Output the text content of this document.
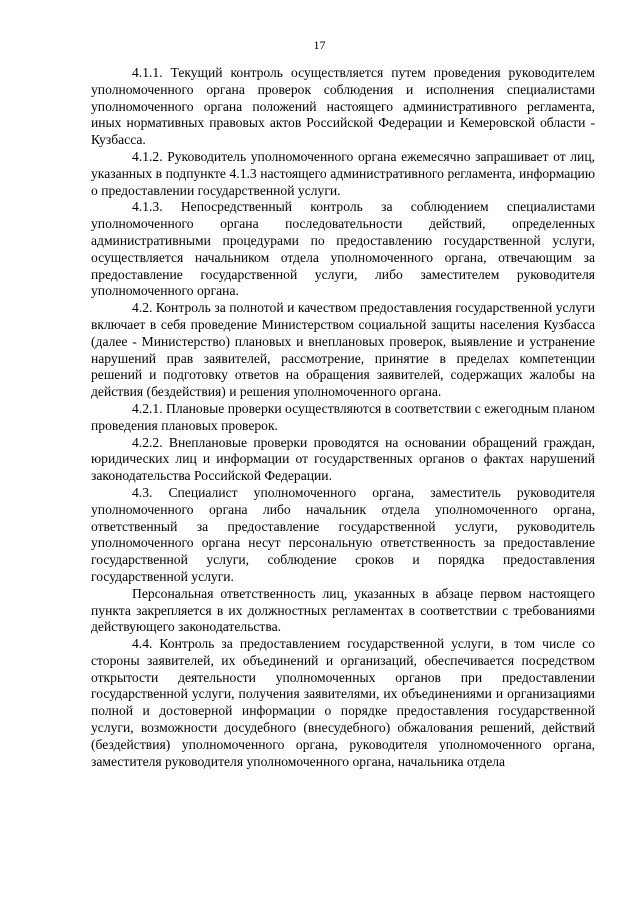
17

4.1.1. Текущий контроль осуществляется путем проведения руководителем уполномоченного органа проверок соблюдения и исполнения специалистами уполномоченного органа положений настоящего административного регламента, иных нормативных правовых актов Российской Федерации и Кемеровской области - Кузбасса.

4.1.2. Руководитель уполномоченного органа ежемесячно запрашивает от лиц, указанных в подпункте 4.1.3 настоящего административного регламента, информацию о предоставлении государственной услуги.

4.1.3. Непосредственный контроль за соблюдением специалистами уполномоченного органа последовательности действий, определенных административными процедурами по предоставлению государственной услуги, осуществляется начальником отдела уполномоченного органа, отвечающим за предоставление государственной услуги, либо заместителем руководителя уполномоченного органа.

4.2. Контроль за полнотой и качеством предоставления государственной услуги включает в себя проведение Министерством социальной защиты населения Кузбасса (далее - Министерство) плановых и внеплановых проверок, выявление и устранение нарушений прав заявителей, рассмотрение, принятие в пределах компетенции решений и подготовку ответов на обращения заявителей, содержащих жалобы на действия (бездействия) и решения уполномоченного органа.

4.2.1. Плановые проверки осуществляются в соответствии с ежегодным планом проведения плановых проверок.

4.2.2. Внеплановые проверки проводятся на основании обращений граждан, юридических лиц и информации от государственных органов о фактах нарушений законодательства Российской Федерации.

4.3. Специалист уполномоченного органа, заместитель руководителя уполномоченного органа либо начальник отдела уполномоченного органа, ответственный за предоставление государственной услуги, руководитель уполномоченного органа несут персональную ответственность за предоставление государственной услуги, соблюдение сроков и порядка предоставления государственной услуги.

Персональная ответственность лиц, указанных в абзаце первом настоящего пункта закрепляется в их должностных регламентах в соответствии с требованиями действующего законодательства.

4.4. Контроль за предоставлением государственной услуги, в том числе со стороны заявителей, их объединений и организаций, обеспечивается посредством открытости деятельности уполномоченных органов при предоставлении государственной услуги, получения заявителями, их объединениями и организациями полной и достоверной информации о порядке предоставления государственной услуги, возможности досудебного (внесудебного) обжалования решений, действий (бездействия) уполномоченного органа, руководителя уполномоченного органа, заместителя руководителя уполномоченного органа, начальника отдела
